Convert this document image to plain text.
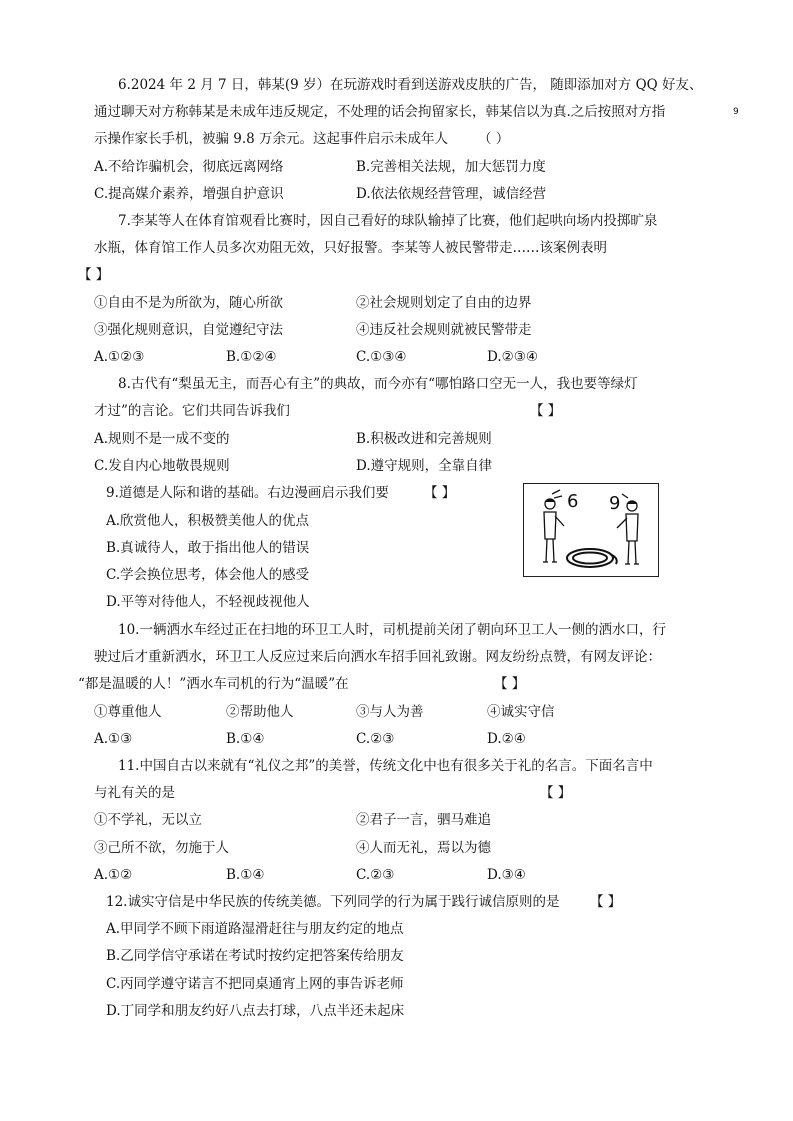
9
6.2024 年 2 月 7 日，韩某(9 岁）在玩游戏时看到送游戏皮肤的广告， 随即添加对方 QQ 好友、
通过聊天对方称韩某是未成年违反规定，不处理的话会拘留家长，韩某信以为真.之后按照对方指
示操作家长手机，被骗 9.8 万余元。这起事件启示未成年人 （ ）
A.不给诈骗机会，彻底远离网络	B.完善相关法规，加大惩罚力度
C.提高媒介素养，增强自护意识	D.依法依规经营管理，诚信经营
7.李某等人在体育馆观看比赛时，因自己看好的球队输掉了比赛，他们起哄向场内投掷旷泉
水瓶，体育馆工作人员多次劝阻无效，只好报警。李某等人被民警带走……该案例表明
【 】
①自由不是为所欲为，随心所欲	②社会规则划定了自由的边界
③强化规则意识，自觉遵纪守法	④违反社会规则就被民警带走
A.①②③	B.①②④	C.①③④	D.②③④
8.古代有“梨虽无主，而吾心有主”的典故，而今亦有“哪怕路口空无一人，我也要等绿灯
才过”的言论。它们共同告诉我们	【 】
A.规则不是一成不变的	B.积极改进和完善规则
C.发自内心地敬畏规则	D.遵守规则，全靠自律
9.道德是人际和谐的基础。右边漫画启示我们要	【 】
A.欣赏他人，积极赞美他人的优点
B.真诚待人，敢于指出他人的错误
C.学会换位思考，体会他人的感受
D.平等对待他人，不轻视歧视他人
6 9
10.一辆洒水车经过正在扫地的环卫工人时，司机提前关闭了朝向环卫工人一侧的洒水口，行
驶过后才重新洒水，环卫工人反应过来后向洒水车招手回礼致谢。网友纷纷点赞，有网友评论：
“都是温暖的人！”洒水车司机的行为“温暖”在	【 】
①尊重他人	②帮助他人	③与人为善	④诚实守信
A.①③	B.①④	C.②③	D.②④
11.中国自古以来就有“礼仪之邦”的美誉，传统文化中也有很多关于礼的名言。下面名言中
与礼有关的是	【 】
①不学礼，无以立	②君子一言，驷马难追
③己所不欲，勿施于人	④人而无礼，焉以为德
A.①②	B.①④	C.②③	D.③④
12.诚实守信是中华民族的传统美德。下列同学的行为属于践行诚信原则的是 【 】
A.甲同学不顾下雨道路湿滑赶往与朋友约定的地点
B.乙同学信守承诺在考试时按约定把答案传给朋友
C.丙同学遵守诺言不把同桌通宵上网的事告诉老师
D.丁同学和朋友约好八点去打球，八点半还未起床
